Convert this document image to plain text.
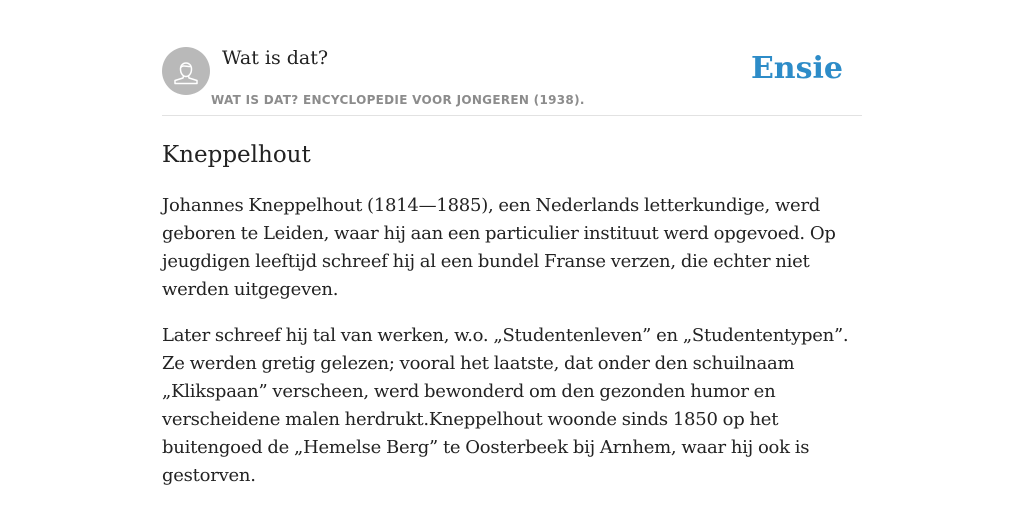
Wat is dat?
WAT IS DAT? ENCYCLOPEDIE VOOR JONGEREN (1938).
Ensie
Kneppelhout

Johannes Kneppelhout (1814—1885), een Nederlands letterkundige, werd geboren te Leiden, waar hij aan een particulier instituut werd opgevoed. Op jeugdigen leeftijd schreef hij al een bundel Franse verzen, die echter niet werden uitgegeven.

Later schreef hij tal van werken, w.o. „Studentenleven” en „Studententypen”. Ze werden gretig gelezen; vooral het laatste, dat onder den schuilnaam „Klikspaan” verscheen, werd bewonderd om den gezonden humor en verscheidene malen herdrukt.Kneppelhout woonde sinds 1850 op het buitengoed de „Hemelse Berg” te Oosterbeek bij Arnhem, waar hij ook is gestorven.
